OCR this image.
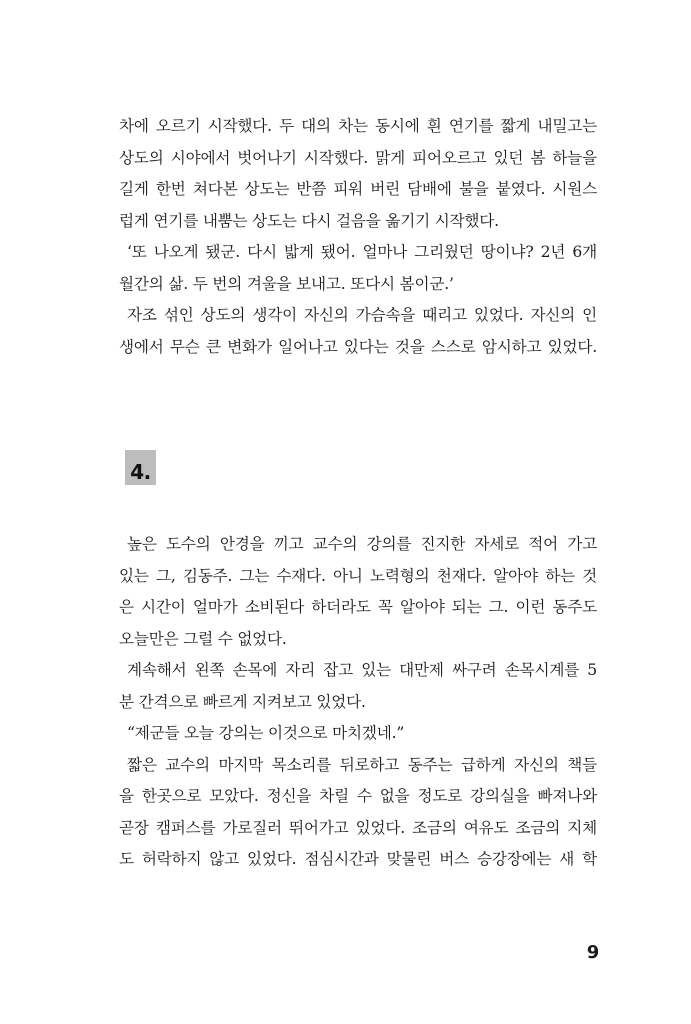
차에 오르기 시작했다. 두 대의 차는 동시에 흰 연기를 짧게 내밀고는
상도의 시야에서 벗어나기 시작했다. 맑게 피어오르고 있던 봄 하늘을
길게 한번 쳐다본 상도는 반쯤 피워 버린 담배에 불을 붙였다. 시원스
럽게 연기를 내뿜는 상도는 다시 걸음을 옮기기 시작했다.
‘또 나오게 됐군. 다시 밟게 됐어. 얼마나 그리웠던 땅이냐? 2년 6개
월간의 삶. 두 번의 겨울을 보내고. 또다시 봄이군.’
자조 섞인 상도의 생각이 자신의 가슴속을 때리고 있었다. 자신의 인
생에서 무슨 큰 변화가 일어나고 있다는 것을 스스로 암시하고 있었다.
4.
높은 도수의 안경을 끼고 교수의 강의를 진지한 자세로 적어 가고
있는 그, 김동주. 그는 수재다. 아니 노력형의 천재다. 알아야 하는 것
은 시간이 얼마가 소비된다 하더라도 꼭 알아야 되는 그. 이런 동주도
오늘만은 그럴 수 없었다.
계속해서 왼쪽 손목에 자리 잡고 있는 대만제 싸구려 손목시계를 5
분 간격으로 빠르게 지켜보고 있었다.
“제군들 오늘 강의는 이것으로 마치겠네.”
짧은 교수의 마지막 목소리를 뒤로하고 동주는 급하게 자신의 책들
을 한곳으로 모았다. 정신을 차릴 수 없을 정도로 강의실을 빠져나와
곧장 캠퍼스를 가로질러 뛰어가고 있었다. 조금의 여유도 조금의 지체
도 허락하지 않고 있었다. 점심시간과 맞물린 버스 승강장에는 새 학
9
